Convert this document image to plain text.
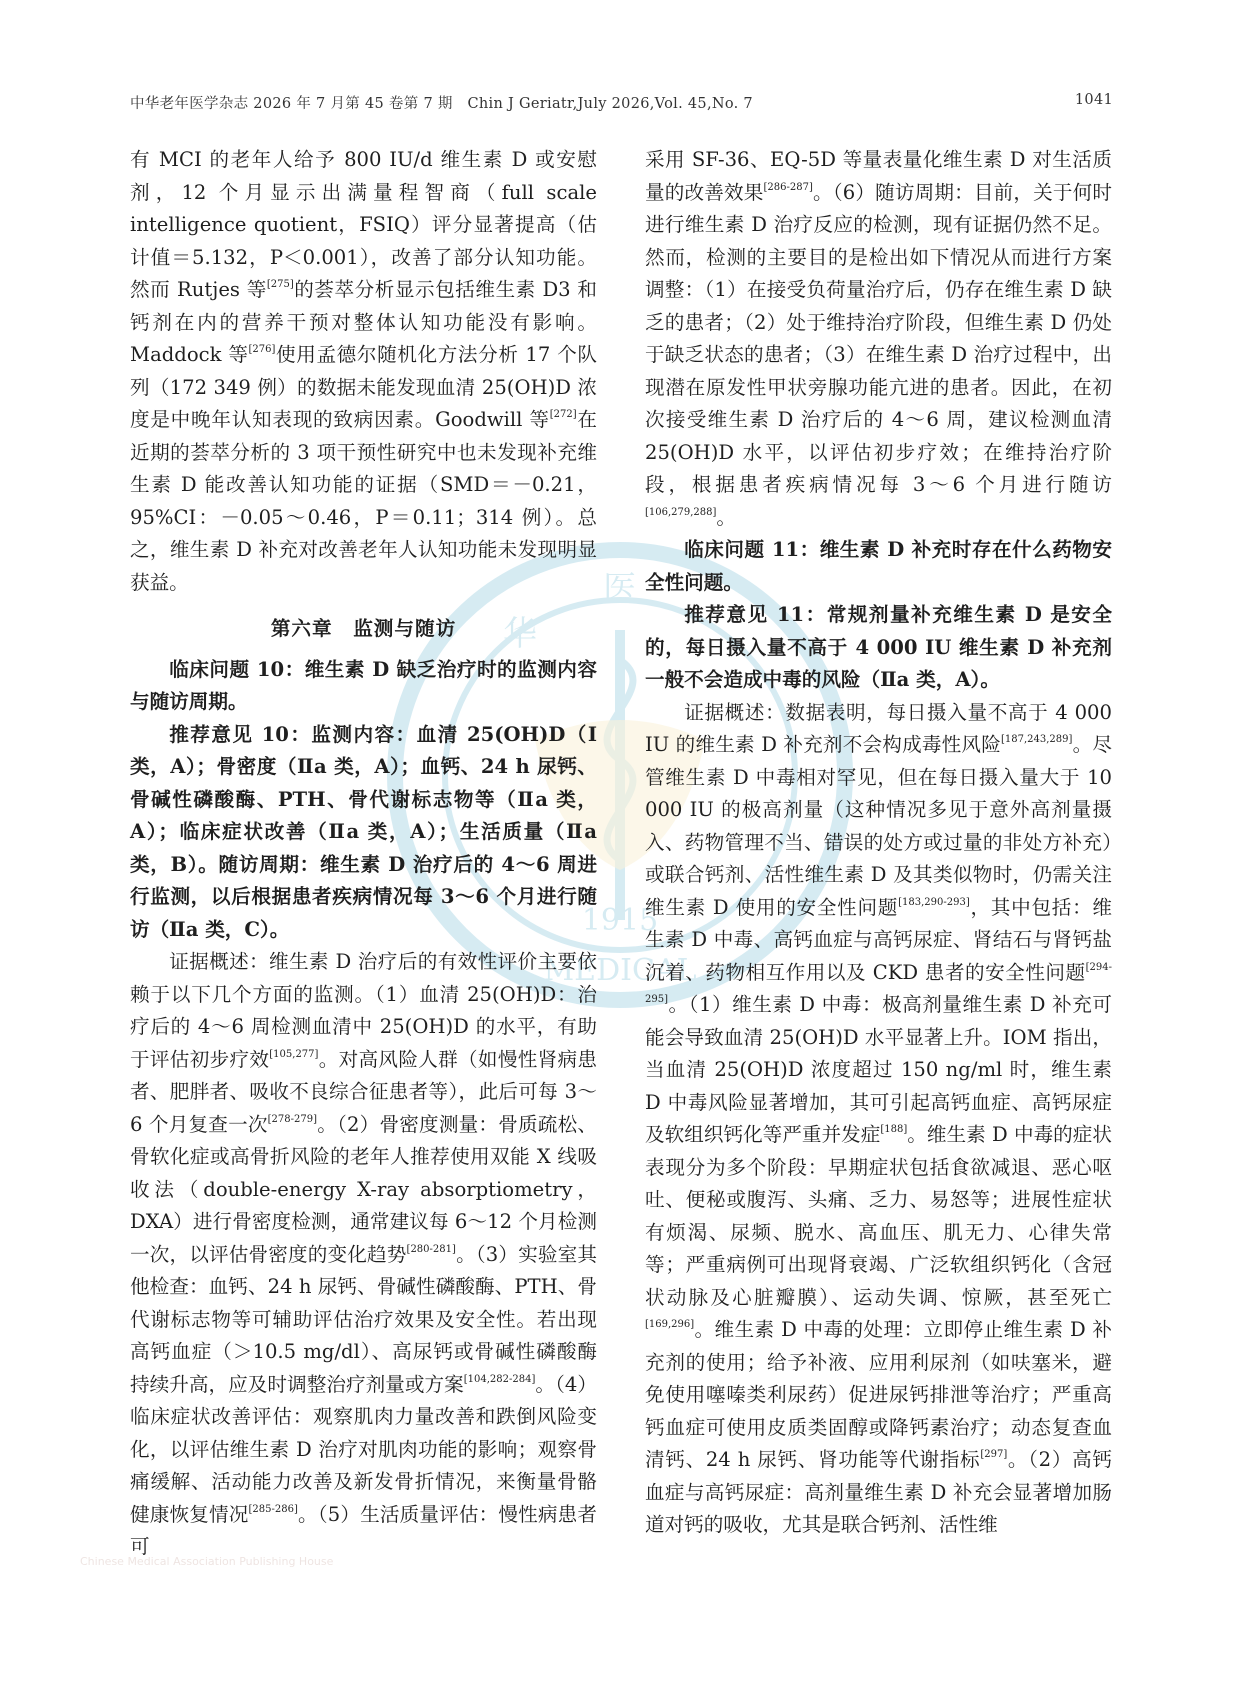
中华老年医学杂志 2026 年 7 月第 45 卷第 7 期　Chin J Geriatr,July 2026,Vol. 45,No. 7	1041
医
华
1915
MEDICAL

有 MCI 的老年人给予 800 IU/d 维生素 D 或安慰剂，12 个月显示出满量程智商（full scale intelligence quotient，FSIQ）评分显著提高（估计值＝5.132，P＜0.001），改善了部分认知功能。然而 Rutjes 等[275]的荟萃分析显示包括维生素 D3 和钙剂在内的营养干预对整体认知功能没有影响。Maddock 等[276]使用孟德尔随机化方法分析 17 个队列（172 349 例）的数据未能发现血清 25(OH)D 浓度是中晚年认知表现的致病因素。Goodwill 等[272]在近期的荟萃分析的 3 项干预性研究中也未发现补充维生素 D 能改善认知功能的证据（SMD＝－0.21，95%CI：－0.05～0.46，P＝0.11；314 例）。总之，维生素 D 补充对改善老年人认知功能未发现明显获益。

第六章　监测与随访

临床问题 10：维生素 D 缺乏治疗时的监测内容与随访周期。

推荐意见 10：监测内容：血清 25(OH)D（Ⅰ类，A）；骨密度（Ⅱa 类，A）；血钙、24 h 尿钙、骨碱性磷酸酶、PTH、骨代谢标志物等（Ⅱa 类，A）；临床症状改善（Ⅱa 类，A）；生活质量（Ⅱa 类，B）。随访周期：维生素 D 治疗后的 4～6 周进行监测，以后根据患者疾病情况每 3～6 个月进行随访（Ⅱa 类，C）。

证据概述：维生素 D 治疗后的有效性评价主要依赖于以下几个方面的监测。（1）血清 25(OH)D：治疗后的 4～6 周检测血清中 25(OH)D 的水平，有助于评估初步疗效[105,277]。对高风险人群（如慢性肾病患者、肥胖者、吸收不良综合征患者等），此后可每 3～6 个月复查一次[278-279]。（2）骨密度测量：骨质疏松、骨软化症或高骨折风险的老年人推荐使用双能 X 线吸收法（double-energy X-ray absorptiometry，DXA）进行骨密度检测，通常建议每 6～12 个月检测一次，以评估骨密度的变化趋势[280-281]。（3）实验室其他检查：血钙、24 h 尿钙、骨碱性磷酸酶、PTH、骨代谢标志物等可辅助评估治疗效果及安全性。若出现高钙血症（＞10.5 mg/dl）、高尿钙或骨碱性磷酸酶持续升高，应及时调整治疗剂量或方案[104,282-284]。（4）临床症状改善评估：观察肌肉力量改善和跌倒风险变化，以评估维生素 D 治疗对肌肉功能的影响；观察骨痛缓解、活动能力改善及新发骨折情况，来衡量骨骼健康恢复情况[285-286]。（5）生活质量评估：慢性病患者可

采用 SF-36、EQ-5D 等量表量化维生素 D 对生活质量的改善效果[286-287]。（6）随访周期：目前，关于何时进行维生素 D 治疗反应的检测，现有证据仍然不足。然而，检测的主要目的是检出如下情况从而进行方案调整：（1）在接受负荷量治疗后，仍存在维生素 D 缺乏的患者；（2）处于维持治疗阶段，但维生素 D 仍处于缺乏状态的患者；（3）在维生素 D 治疗过程中，出现潜在原发性甲状旁腺功能亢进的患者。因此，在初次接受维生素 D 治疗后的 4～6 周，建议检测血清 25(OH)D 水平，以评估初步疗效；在维持治疗阶段，根据患者疾病情况每 3～6 个月进行随访[106,279,288]。

临床问题 11：维生素 D 补充时存在什么药物安全性问题。

推荐意见 11：常规剂量补充维生素 D 是安全的，每日摄入量不高于 4 000 IU 维生素 D 补充剂一般不会造成中毒的风险（Ⅱa 类，A）。

证据概述：数据表明，每日摄入量不高于 4 000 IU 的维生素 D 补充剂不会构成毒性风险[187,243,289]。尽管维生素 D 中毒相对罕见，但在每日摄入量大于 10 000 IU 的极高剂量（这种情况多见于意外高剂量摄入、药物管理不当、错误的处方或过量的非处方补充）或联合钙剂、活性维生素 D 及其类似物时，仍需关注维生素 D 使用的安全性问题[183,290-293]，其中包括：维生素 D 中毒、高钙血症与高钙尿症、肾结石与肾钙盐沉着、药物相互作用以及 CKD 患者的安全性问题[294-295]。（1）维生素 D 中毒：极高剂量维生素 D 补充可能会导致血清 25(OH)D 水平显著上升。IOM 指出，当血清 25(OH)D 浓度超过 150 ng/ml 时，维生素 D 中毒风险显著增加，其可引起高钙血症、高钙尿症及软组织钙化等严重并发症[188]。维生素 D 中毒的症状表现分为多个阶段：早期症状包括食欲减退、恶心呕吐、便秘或腹泻、头痛、乏力、易怒等；进展性症状有烦渴、尿频、脱水、高血压、肌无力、心律失常等；严重病例可出现肾衰竭、广泛软组织钙化（含冠状动脉及心脏瓣膜）、运动失调、惊厥，甚至死亡[169,296]。维生素 D 中毒的处理：立即停止维生素 D 补充剂的使用；给予补液、应用利尿剂（如呋塞米，避免使用噻嗪类利尿药）促进尿钙排泄等治疗；严重高钙血症可使用皮质类固醇或降钙素治疗；动态复查血清钙、24 h 尿钙、肾功能等代谢指标[297]。（2）高钙血症与高钙尿症：高剂量维生素 D 补充会显著增加肠道对钙的吸收，尤其是联合钙剂、活性维

Chinese Medical Association Publishing House
